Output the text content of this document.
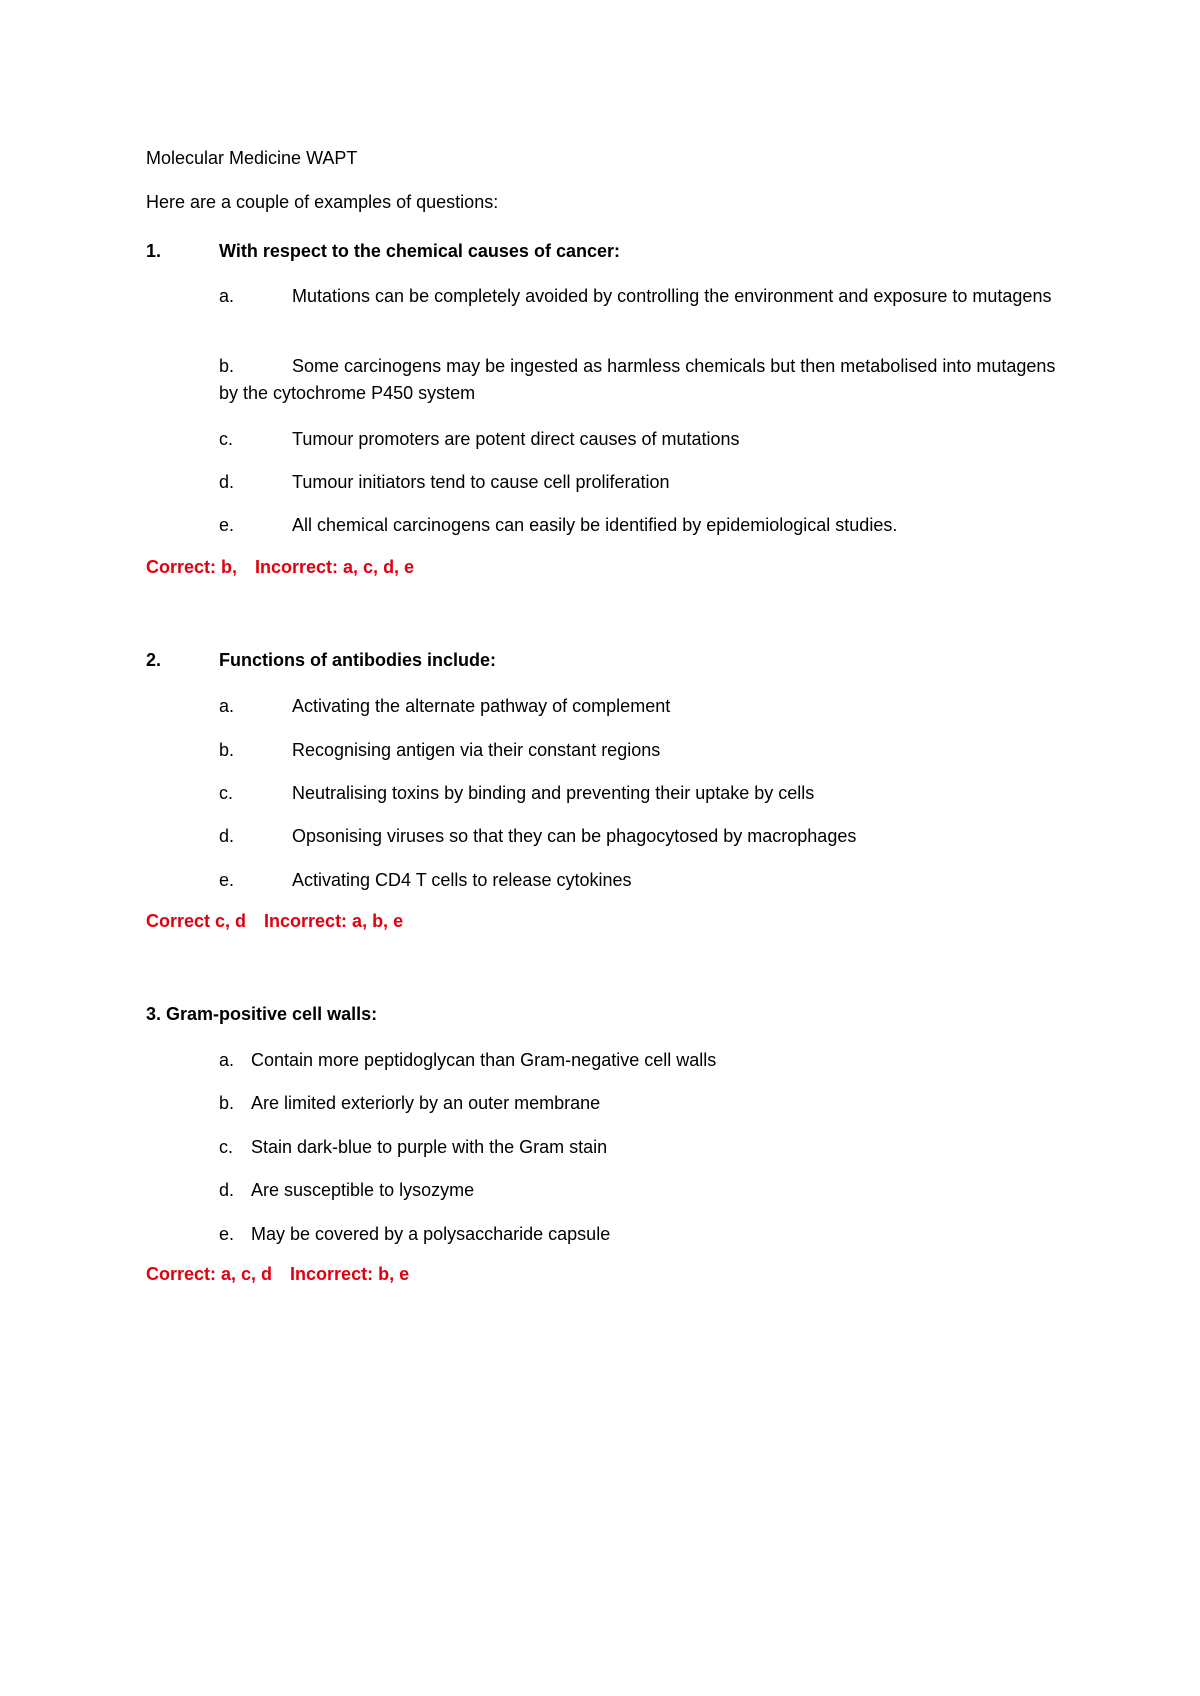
Molecular Medicine WAPT
Here are a couple of examples of questions:
1.	With respect to the chemical causes of cancer:
a.	Mutations can be completely avoided by controlling the environment and exposure to mutagens
b.	Some carcinogens may be ingested as harmless chemicals but then metabolised into mutagens by the cytochrome P450 system
c.	Tumour promoters are potent direct causes of mutations
d.	Tumour initiators tend to cause cell proliferation
e.	All chemical carcinogens can easily be identified by epidemiological studies.
Correct: b, Incorrect: a, c, d, e
2.	Functions of antibodies include:
a.	Activating the alternate pathway of complement
b.	Recognising antigen via their constant regions
c.	Neutralising toxins by binding and preventing their uptake by cells
d.	Opsonising viruses so that they can be phagocytosed by macrophages
e.	Activating CD4 T cells to release cytokines
Correct c, d Incorrect: a, b, e
3. Gram-positive cell walls:
a. Contain more peptidoglycan than Gram-negative cell walls
b. Are limited exteriorly by an outer membrane
c. Stain dark-blue to purple with the Gram stain
d. Are susceptible to lysozyme
e. May be covered by a polysaccharide capsule
Correct: a, c, d Incorrect: b, e
